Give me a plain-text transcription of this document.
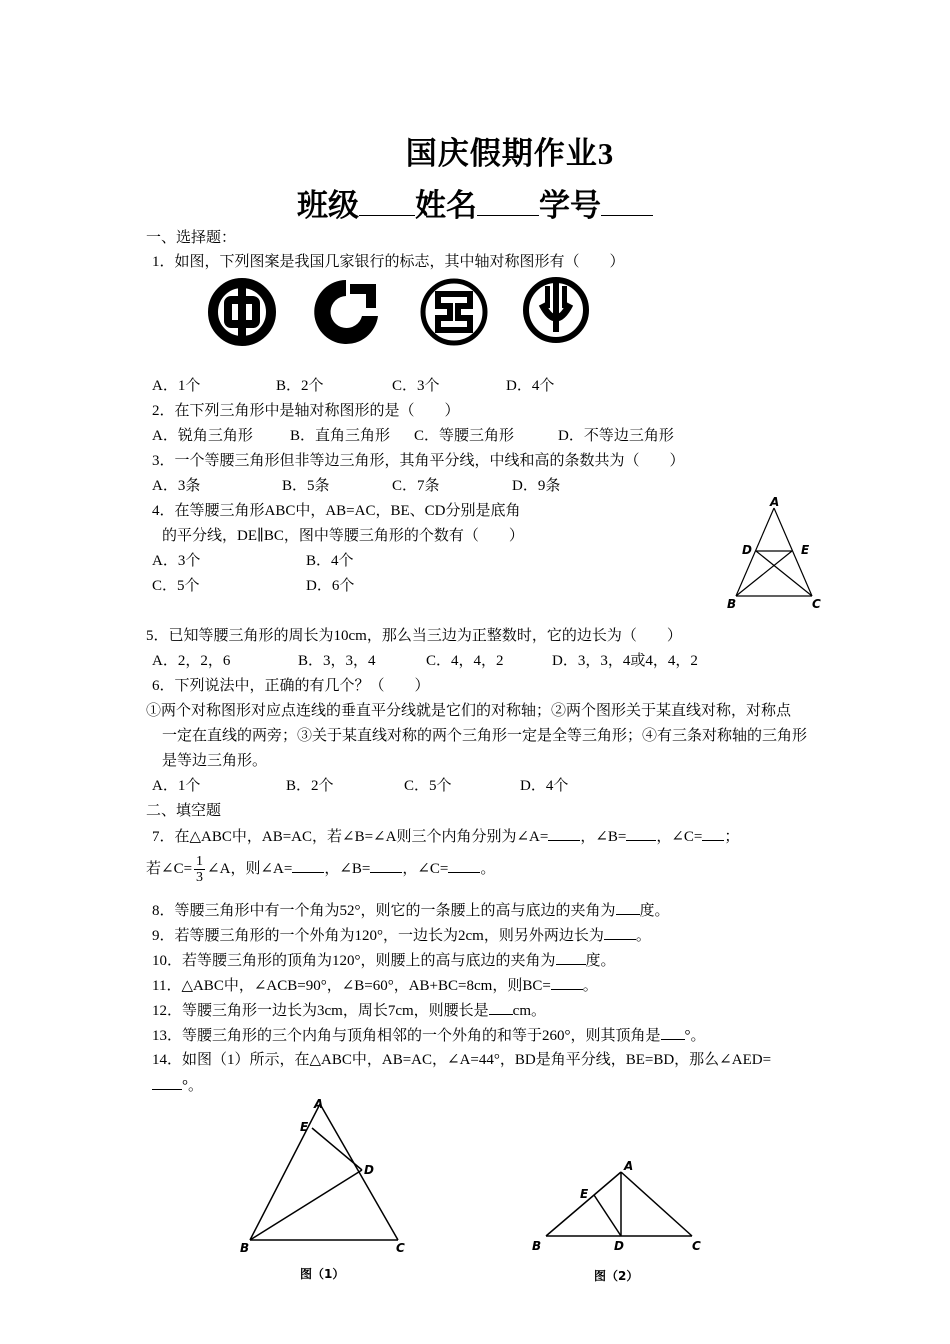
国庆假期作业3
班级 姓名 学号
一、选择题：
1．如图，下列图案是我国几家银行的标志，其中轴对称图形有（　　）
A．1个	B．2个	C．3个	D．4个
2．在下列三角形中是轴对称图形的是（　　）
A．锐角三角形 B．直角三角形 C．等腰三角形	D．不等边三角形
3．一个等腰三角形但非等边三角形，其角平分线，中线和高的条数共为（　　）
A．3条	B．5条	C．7条	D．9条
4．在等腰三角形ABC中，AB=AC，BE、CD分别是底角
的平分线，DE∥BC，图中等腰三角形的个数有（　　）
A．3个	B．4个
C．5个	D．6个
A
D	E
B	C
5．已知等腰三角形的周长为10cm，那么当三边为正整数时，它的边长为（　　）
A．2，2，6	B．3，3，4	C．4，4，2	D．3，3，4或4，4，2
6．下列说法中，正确的有几个？（　　）
①两个对称图形对应点连线的垂直平分线就是它们的对称轴；②两个图形关于某直线对称，对称点
一定在直线的两旁；③关于某直线对称的两个三角形一定是全等三角形；④有三条对称轴的三角形
是等边三角形。
A．1个	B．2个	C．5个	D．4个
二、填空题
7．在△ABC中，AB=AC，若∠B=∠A则三个内角分别为∠A= ，∠B= ，∠C= ；
若∠C= $\frac{1}{3}$ ∠A，则∠A= ，∠B= ，∠C= 。
8．等腰三角形中有一个角为52°，则它的一条腰上的高与底边的夹角为 度。
9．若等腰三角形的一个外角为120°，一边长为2cm，则另外两边长为 。
10．若等腰三角形的顶角为120°，则腰上的高与底边的夹角为 度。
11．△ABC中，∠ACB=90°，∠B=60°，AB+BC=8cm，则BC= 。
12．等腰三角形一边长为3cm，周长7cm，则腰长是 cm。
13．等腰三角形的三个内角与顶角相邻的一个外角的和等于260°，则其顶角是 °。
14．如图（1）所示，在△ABC中，AB=AC，∠A=44°，BD是角平分线，BE=BD，那么∠AED=
°。
A
E
D
B	C
图（1）
A
E
B	D	C
图（2）
